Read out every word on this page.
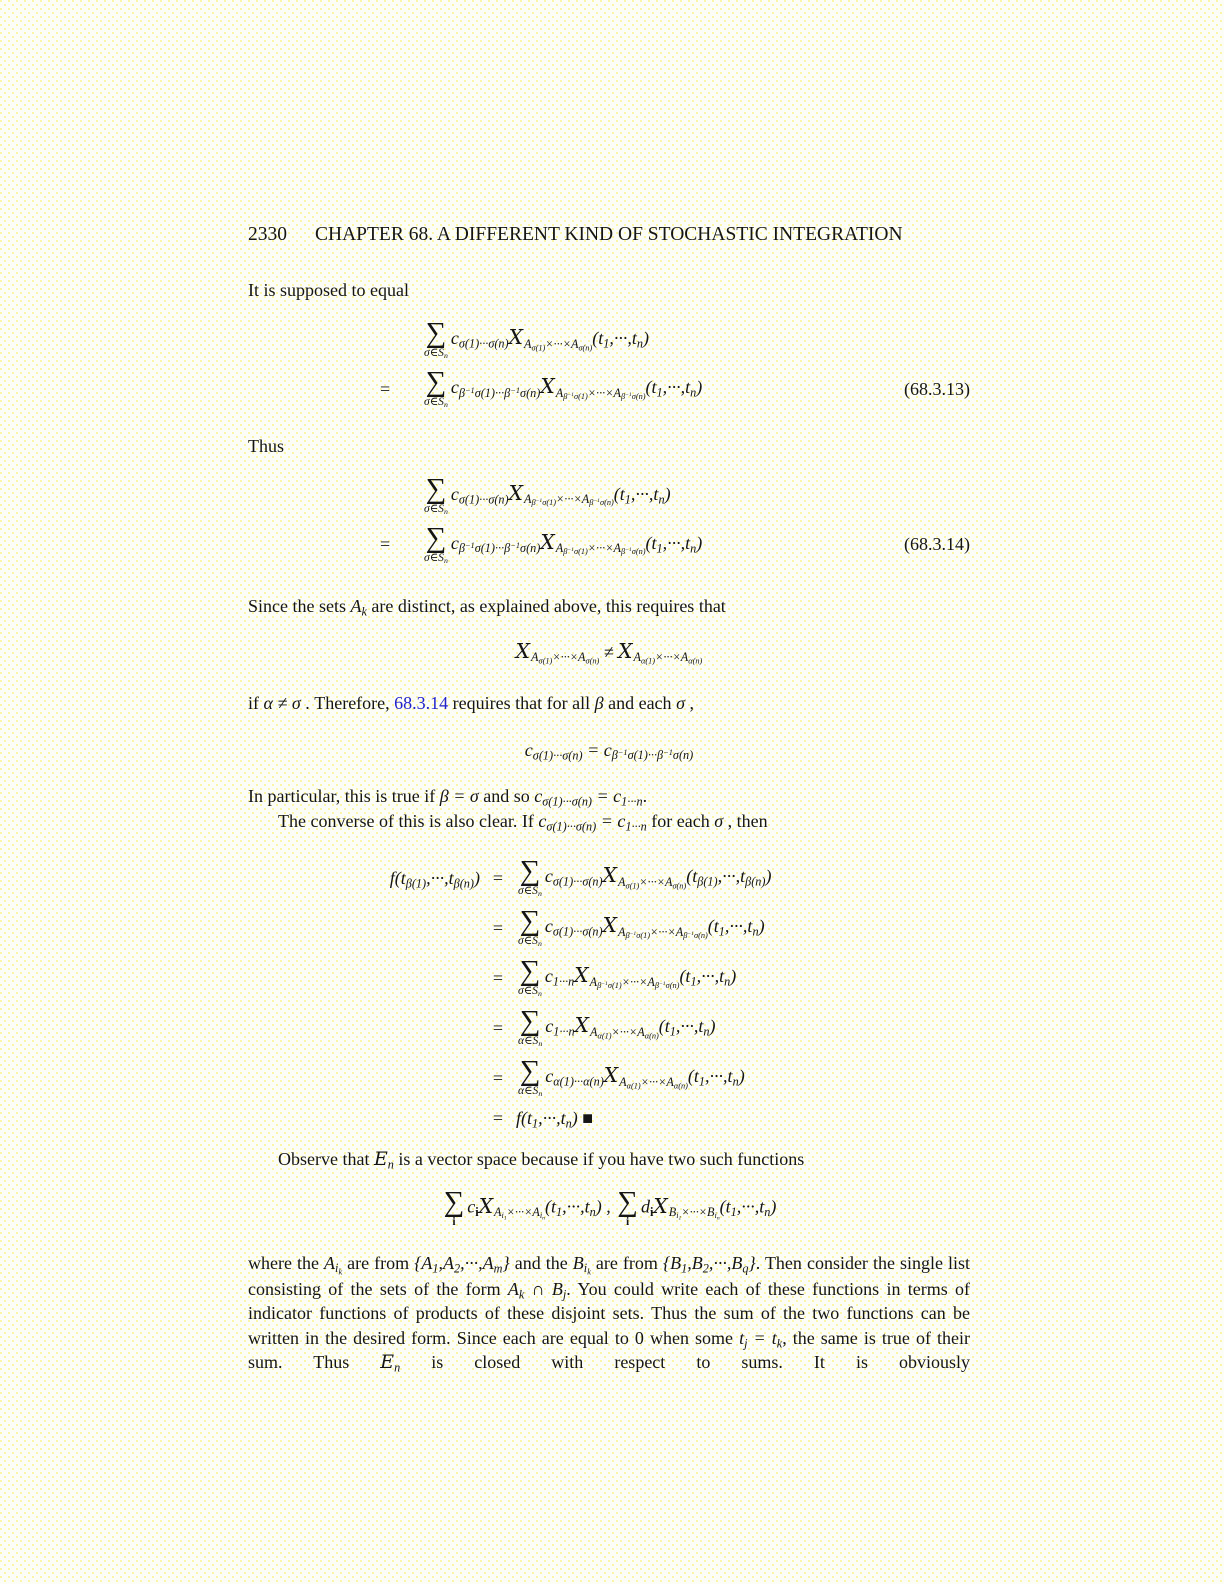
2330	CHAPTER 68. A DIFFERENT KIND OF STOCHASTIC INTEGRATION

It is supposed to equal

∑
$\sigma\in S_n$
$c_{\sigma(1)\cdot\cdot\cdot\sigma(n)}X_{A_{\sigma(1)}\times\cdot\cdot\cdot\times A_{\sigma(n)}}(t_1,\cdot\cdot\cdot,t_n)$
=	∑
$\sigma\in S_n$
$c_{\beta^{-1}\sigma(1)\cdot\cdot\cdot\beta^{-1}\sigma(n)}X_{A_{\beta^{-1}\sigma(1)}\times\cdot\cdot\cdot\times A_{\beta^{-1}\sigma(n)}}(t_1,\cdot\cdot\cdot,t_n)$	(68.3.13)

Thus

∑
$\sigma\in S_n$
$c_{\sigma(1)\cdot\cdot\cdot\sigma(n)}X_{A_{\beta^{-1}\sigma(1)}\times\cdot\cdot\cdot\times A_{\beta^{-1}\sigma(n)}}(t_1,\cdot\cdot\cdot,t_n)$
=	∑
$\sigma\in S_n$
$c_{\beta^{-1}\sigma(1)\cdot\cdot\cdot\beta^{-1}\sigma(n)}X_{A_{\beta^{-1}\sigma(1)}\times\cdot\cdot\cdot\times A_{\beta^{-1}\sigma(n)}}(t_1,\cdot\cdot\cdot,t_n)$	(68.3.14)

Since the sets $A_k$ are distinct, as explained above, this requires that

$X_{A_{\sigma(1)}\times\cdot\cdot\cdot\times A_{\sigma(n)}} \ne X_{A_{\alpha(1)}\times\cdot\cdot\cdot\times A_{\alpha(n)}}$

if α ≠ σ . Therefore, 68.3.14 requires that for all β and each σ ,

$c_{\sigma(1)\cdot\cdot\cdot\sigma(n)} = c_{\beta^{-1}\sigma(1)\cdot\cdot\cdot\beta^{-1}\sigma(n)}$

In particular, this is true if β = σ and so $c_{\sigma(1)\cdot\cdot\cdot\sigma(n)} = c_{1\cdot\cdot\cdot n}$.

The converse of this is also clear. If $c_{\sigma(1)\cdot\cdot\cdot\sigma(n)} = c_{1\cdot\cdot\cdot n}$ for each σ , then

$f(t_{\beta(1)},\cdot\cdot\cdot,t_{\beta(n)})$ = ∑
$\sigma\in S_n$
$c_{\sigma(1)\cdot\cdot\cdot\sigma(n)}X_{A_{\sigma(1)}\times\cdot\cdot\cdot\times A_{\sigma(n)}}(t_{\beta(1)},\cdot\cdot\cdot,t_{\beta(n)})$
= ∑
$\sigma\in S_n$
$c_{\sigma(1)\cdot\cdot\cdot\sigma(n)}X_{A_{\beta^{-1}\sigma(1)}\times\cdot\cdot\cdot\times A_{\beta^{-1}\sigma(n)}}(t_1,\cdot\cdot\cdot,t_n)$
= ∑
$\sigma\in S_n$
$c_{1\cdot\cdot\cdot n}X_{A_{\beta^{-1}\sigma(1)}\times\cdot\cdot\cdot\times A_{\beta^{-1}\sigma(n)}}(t_1,\cdot\cdot\cdot,t_n)$
= ∑
$\alpha\in S_n$
$c_{1\cdot\cdot\cdot n}X_{A_{\alpha(1)}\times\cdot\cdot\cdot\times A_{\alpha(n)}}(t_1,\cdot\cdot\cdot,t_n)$
= ∑
$\alpha\in S_n$
$c_{\alpha(1)\cdot\cdot\cdot\alpha(n)}X_{A_{\alpha(1)}\times\cdot\cdot\cdot\times A_{\alpha(n)}}(t_1,\cdot\cdot\cdot,t_n)$
= $f(t_1,\cdot\cdot\cdot,t_n)$ ■

Observe that $E_n$ is a vector space because if you have two such functions

∑
i
$c_iX_{A_{i_1}\times\cdot\cdot\cdot\times A_{i_n}}(t_1,\cdot\cdot\cdot,t_n)$ , ∑
i
$d_iX_{B_{i_1}\times\cdot\cdot\cdot\times B_{i_n}}(t_1,\cdot\cdot\cdot,t_n)$

where the $A_{i_k}$ are from $\{A_1,A_2,\cdot\cdot\cdot,A_m\}$ and the $B_{i_k}$ are from $\{B_1,B_2,\cdot\cdot\cdot,B_q\}$. Then consider the single list consisting of the sets of the form $A_k$ ∩ $B_j$. You could write each of these functions in terms of indicator functions of products of these disjoint sets. Thus the sum of the two functions can be written in the desired form. Since each are equal to 0 when some $t_j = t_k$, the same is true of their sum. Thus $E_n$ is closed with respect to sums. It is obviously
